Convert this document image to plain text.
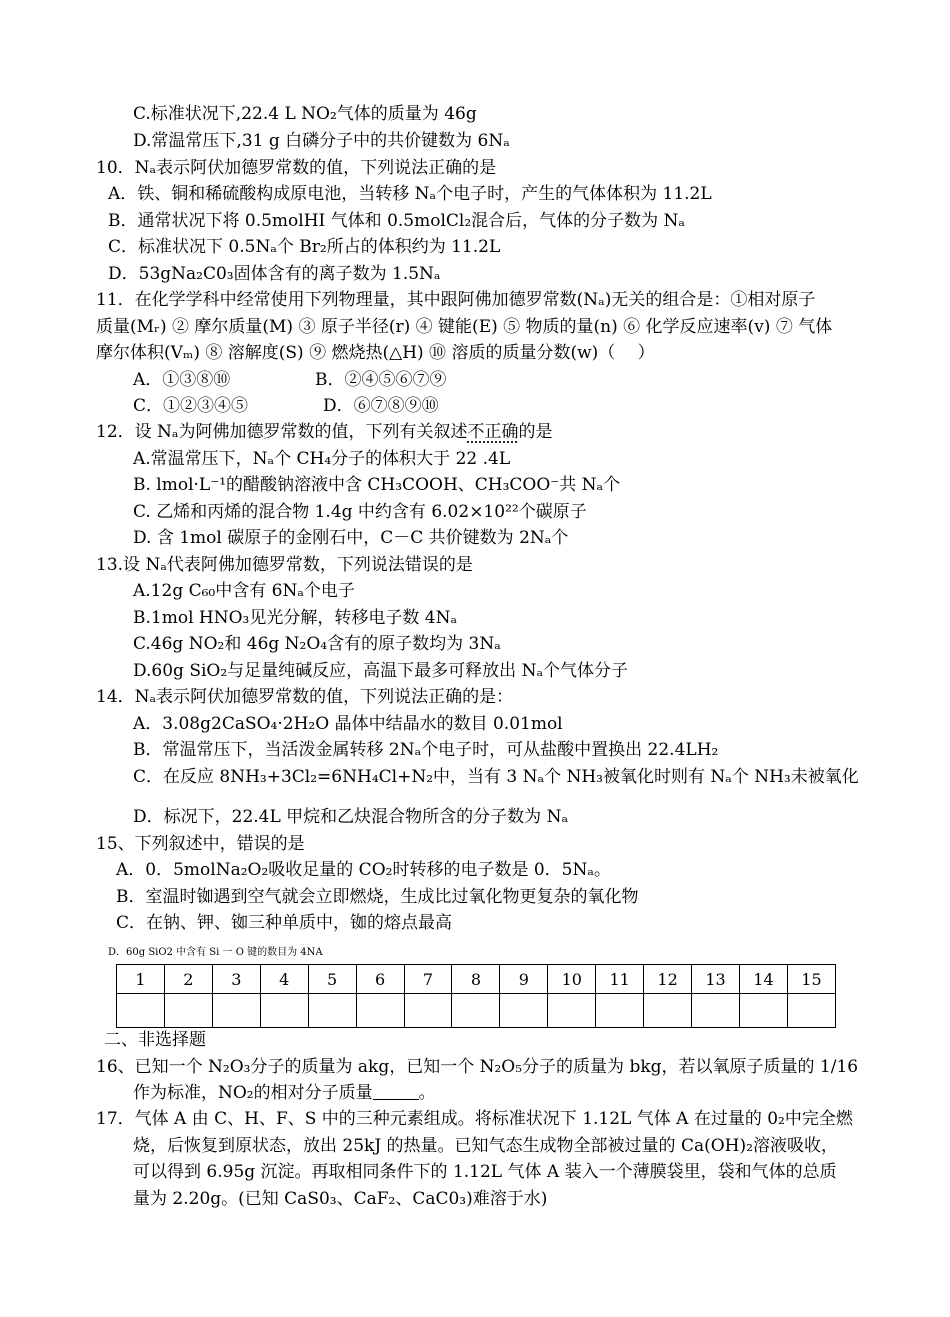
C.标准状况下,22.4 L NO₂气体的质量为 46g
D.常温常压下,31 g 白磷分子中的共价键数为 6Nₐ
10．Nₐ表示阿伏加德罗常数的值，下列说法正确的是
A．铁、铜和稀硫酸构成原电池，当转移 Nₐ个电子时，产生的气体体积为 11.2L
B．通常状况下将 0.5molHI 气体和 0.5molCl₂混合后，气体的分子数为 Nₐ
C．标准状况下 0.5Nₐ个 Br₂所占的体积约为 11.2L
D．53gNa₂C0₃固体含有的离子数为 1.5Nₐ
11．在化学学科中经常使用下列物理量，其中跟阿佛加德罗常数(Nₐ)无关的组合是：①相对原子
质量(Mᵣ) ② 摩尔质量(M) ③ 原子半径(r) ④ 键能(E) ⑤ 物质的量(n) ⑥ 化学反应速率(v) ⑦ 气体
摩尔体积(Vₘ) ⑧ 溶解度(S) ⑨ 燃烧热(△H) ⑩ 溶质的质量分数(w)（　 ）
A．①③⑧⑩	B．②④⑤⑥⑦⑨
C．①②③④⑤	D．⑥⑦⑧⑨⑩
12．设 Nₐ为阿佛加德罗常数的值，下列有关叙述不正确的是
A.常温常压下，Nₐ个 CH₄分子的体积大于 22 .4L
B. lmol·L⁻¹的醋酸钠溶液中含 CH₃COOH、CH₃COO⁻共 Nₐ个
C. 乙烯和丙烯的混合物 1.4g 中约含有 6.02×10²²个碳原子
D. 含 1mol 碳原子的金刚石中，C－C 共价键数为 2Nₐ个
13.设 Nₐ代表阿佛加德罗常数，下列说法错误的是
A.12g C₆₀中含有 6Nₐ个电子
B.1mol HNO₃见光分解，转移电子数 4Nₐ
C.46g NO₂和 46g N₂O₄含有的原子数均为 3Nₐ
D.60g SiO₂与足量纯碱反应，高温下最多可释放出 Nₐ个气体分子
14．Nₐ表示阿伏加德罗常数的值，下列说法正确的是：
A．3.08g2CaSO₄·2H₂O 晶体中结晶水的数目 0.01mol
B．常温常压下，当活泼金属转移 2Nₐ个电子时，可从盐酸中置换出 22.4LH₂
C．在反应 8NH₃+3Cl₂=6NH₄Cl+N₂中，当有 3 Nₐ个 NH₃被氧化时则有 Nₐ个 NH₃未被氧化
D．标况下，22.4L 甲烷和乙炔混合物所含的分子数为 Nₐ
15、下列叙述中，错误的是
A．0．5molNa₂O₂吸收足量的 CO₂时转移的电子数是 0．5Nₐ。
B．室温时铷遇到空气就会立即燃烧，生成比过氧化物更复杂的氧化物
C．在钠、钾、铷三种单质中，铷的熔点最高
D．60g SiO2 中含有 Si 一 O 键的数目为 4NA
1	2	3	4	5	6	7	8	9	10	11	12	13	14	15

二、非选择题
16、已知一个 N₂O₃分子的质量为 akg，已知一个 N₂O₅分子的质量为 bkg，若以氧原子质量的 1/16
作为标准，NO₂的相对分子质量	。
17．气体 A 由 C、H、F、S 中的三种元素组成。将标准状况下 1.12L 气体 A 在过量的 0₂中完全燃
烧，后恢复到原状态，放出 25kJ 的热量。已知气态生成物全部被过量的 Ca(OH)₂溶液吸收，
可以得到 6.95g 沉淀。再取相同条件下的 1.12L 气体 A 装入一个薄膜袋里，袋和气体的总质
量为 2.20g。(已知 CaS0₃、CaF₂、CaC0₃)难溶于水)
